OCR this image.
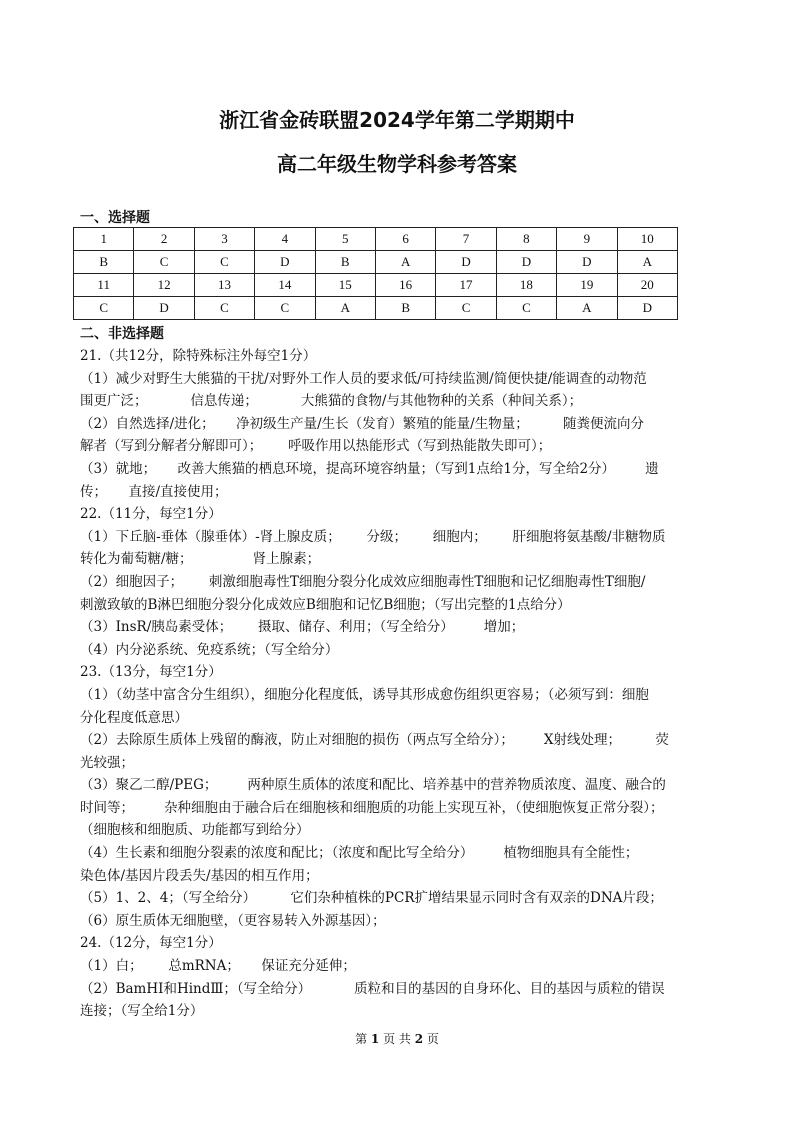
浙江省金砖联盟2024学年第二学期期中
高二年级生物学科参考答案
一、选择题
1	2	3	4	5	6	7	8	9	10
B	C	C	D	B	A	D	D	D	A
11	12	13	14	15	16	17	18	19	20
C	D	C	C	A	B	C	C	A	D
二、非选择题
21.（共12分，除特殊标注外每空1分）
（1）减少对野生大熊猫的干扰/对野外工作人员的要求低/可持续监测/简便快捷/能调查的动物范
围更广泛；          信息传递；          大熊猫的食物/与其他物种的关系（种间关系）；
（2）自然选择/进化；     净初级生产量/生长（发育）繁殖的能量/生物量；        随粪便流向分
解者（写到分解者分解即可）；      呼吸作用以热能形式（写到热能散失即可）；
（3）就地；     改善大熊猫的栖息环境，提高环境容纳量；（写到1点给1分，写全给2分）       遗
传；     直接/直接使用；
22.（11分，每空1分）
（1）下丘脑-垂体（腺垂体）-肾上腺皮质；      分级；      细胞内；      肝细胞将氨基酸/非糖物质
转化为葡萄糖/糖；              肾上腺素；
（2）细胞因子；      刺激细胞毒性T细胞分裂分化成效应细胞毒性T细胞和记忆细胞毒性T细胞/
刺激致敏的B淋巴细胞分裂分化成效应B细胞和记忆B细胞；（写出完整的1点给分）
（3）InsR/胰岛素受体；      摄取、储存、利用；（写全给分）       增加；
（4）内分泌系统、免疫系统；（写全给分）
23.（13分，每空1分）
（1）（幼茎中富含分生组织），细胞分化程度低，诱导其形成愈伤组织更容易；（必须写到：细胞
分化程度低意思）
（2）去除原生质体上残留的酶液，防止对细胞的损伤（两点写全给分）；       X射线处理；        荧
光较强；
（3）聚乙二醇/PEG；       两种原生质体的浓度和配比、培养基中的营养物质浓度、温度、融合的
时间等；       杂种细胞由于融合后在细胞核和细胞质的功能上实现互补，（使细胞恢复正常分裂）；
（细胞核和细胞质、功能都写到给分）
（4）生长素和细胞分裂素的浓度和配比；（浓度和配比写全给分）       植物细胞具有全能性；
染色体/基因片段丢失/基因的相互作用；
（5）1、2、4；（写全给分）        它们杂种植株的PCR扩增结果显示同时含有双亲的DNA片段；
（6）原生质体无细胞壁，（更容易转入外源基因）；
24.（12分，每空1分）
（1）白；      总mRNA；     保证充分延伸；
（2）BamHⅠ和HindⅢ；（写全给分）          质粒和目的基因的自身环化、目的基因与质粒的错误
连接；（写全给1分）
第 1 页 共 2 页
